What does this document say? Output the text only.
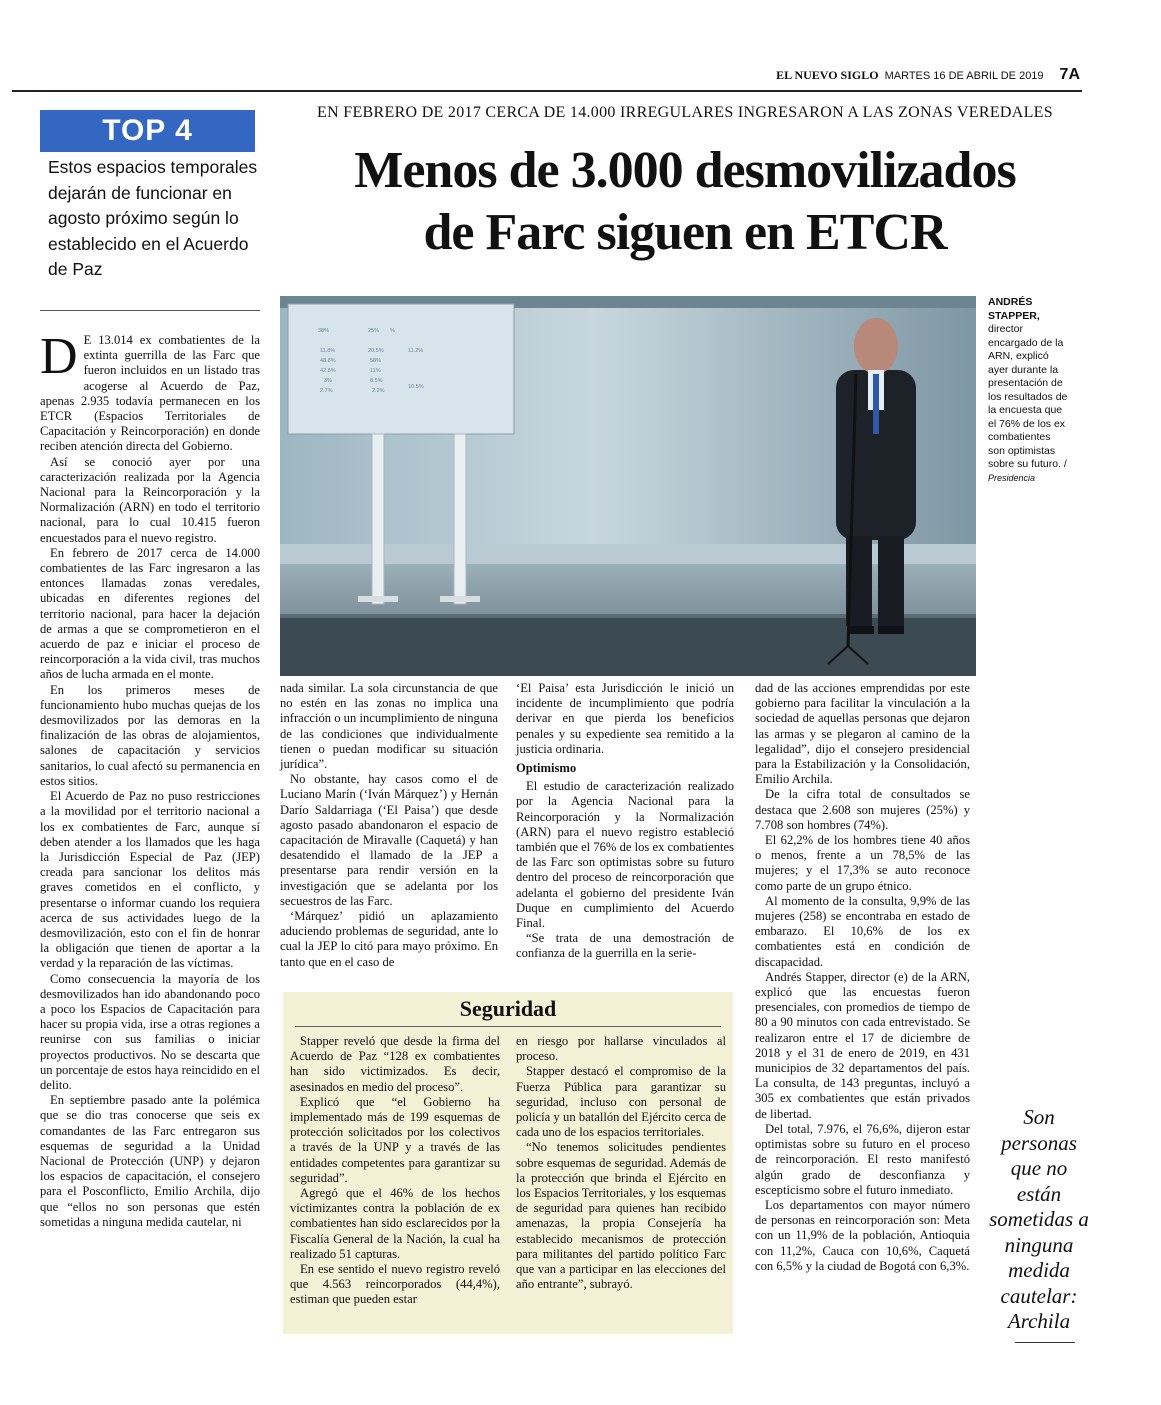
EL NUEVO SIGLO MARTES 16 DE ABRIL DE 2019 7A
TOP 4
Estos espacios temporales dejarán de funcionar en agosto próximo según lo establecido en el Acuerdo de Paz
EN FEBRERO DE 2017 CERCA DE 14.000 IRREGULARES INGRESARON A LAS ZONAS VEREDALES
Menos de 3.000 desmovilizados
de Farc siguen en ETCR
38%	25% %
11.8%	20.5%	11.2%
48.8%	58%
42.8%	11%
3%	8.5%
2.7%	2.2%
10.5%
ANDRÉS STAPPER, director encargado de la ARN, explicó ayer durante la presentación de los resultados de la encuesta que el 76% de los ex combatientes son optimistas sobre su futuro. / Presidencia

D E 13.014 ex combatientes de la extinta guerrilla de las Farc que fueron incluidos en un listado tras acogerse al Acuerdo de Paz, apenas 2.935 todavía permanecen en los ETCR (Espacios Territoriales de Capacitación y Reincorporación) en donde reciben atención directa del Gobierno.

Así se conoció ayer por una caracterización realizada por la Agencia Nacional para la Reincorporación y la Normalización (ARN) en todo el territorio nacional, para lo cual 10.415 fueron encuestados para el nuevo registro.

En febrero de 2017 cerca de 14.000 combatientes de las Farc ingresaron a las entonces llamadas zonas veredales, ubicadas en diferentes regiones del territorio nacional, para hacer la dejación de armas a que se comprometieron en el acuerdo de paz e iniciar el proceso de reincorporación a la vida civil, tras muchos años de lucha armada en el monte.

En los primeros meses de funcionamiento hubo muchas quejas de los desmovilizados por las demoras en la finalización de las obras de alojamientos, salones de capacitación y servicios sanitarios, lo cual afectó su permanencia en estos sitios.

El Acuerdo de Paz no puso restricciones a la movilidad por el territorio nacional a los ex combatientes de Farc, aunque sí deben atender a los llamados que les haga la Jurisdicción Especial de Paz (JEP) creada para sancionar los delitos más graves cometidos en el conflicto, y presentarse o informar cuando los requiera acerca de sus actividades luego de la desmovilización, esto con el fin de honrar la obligación que tienen de aportar a la verdad y la reparación de las víctimas.

Como consecuencia la mayoría de los desmovilizados han ido abandonando poco a poco los Espacios de Capacitación para hacer su propia vida, irse a otras regiones a reunirse con sus familias o iniciar proyectos productivos. No se descarta que un porcentaje de estos haya reincidido en el delito.

En septiembre pasado ante la polémica que se dio tras conocerse que seis ex comandantes de las Farc entregaron sus esquemas de seguridad a la Unidad Nacional de Protección (UNP) y dejaron los espacios de capacitación, el consejero para el Posconflicto, Emilio Archila, dijo que “ellos no son personas que estén sometidas a ninguna medida cautelar, ni

nada similar. La sola circunstancia de que no estén en las zonas no implica una infracción o un incumplimiento de ninguna de las condiciones que individualmente tienen o puedan modificar su situación jurídica”.

No obstante, hay casos como el de Luciano Marín (‘Iván Márquez’) y Hernán Darío Saldarriaga (‘El Paisa’) que desde agosto pasado abandonaron el espacio de capacitación de Miravalle (Caquetá) y han desatendido el llamado de la JEP a presentarse para rendir versión en la investigación que se adelanta por los secuestros de las Farc.

‘Márquez’ pidió un aplazamiento aduciendo problemas de seguridad, ante lo cual la JEP lo citó para mayo próximo. En tanto que en el caso de

‘El Paisa’ esta Jurisdicción le inició un incidente de incumplimiento que podría derivar en que pierda los beneficios penales y su expediente sea remitido a la justicia ordinaria.

Optimismo

El estudio de caracterización realizado por la Agencia Nacional para la Reincorporación y la Normalización (ARN) para el nuevo registro estableció también que el 76% de los ex combatientes de las Farc son optimistas sobre su futuro dentro del proceso de reincorporación que adelanta el gobierno del presidente Iván Duque en cumplimiento del Acuerdo Final.

“Se trata de una demostración de confianza de la guerrilla en la serie-

dad de las acciones emprendidas por este gobierno para facilitar la vinculación a la sociedad de aquellas personas que dejaron las armas y se plegaron al camino de la legalidad”, dijo el consejero presidencial para la Estabilización y la Consolidación, Emilio Archila.

De la cifra total de consultados se destaca que 2.608 son mujeres (25%) y 7.708 son hombres (74%).

El 62,2% de los hombres tiene 40 años o menos, frente a un 78,5% de las mujeres; y el 17,3% se auto reconoce como parte de un grupo étnico.

Al momento de la consulta, 9,9% de las mujeres (258) se encontraba en estado de embarazo. El 10,6% de los ex combatientes está en condición de discapacidad.

Andrés Stapper, director (e) de la ARN, explicó que las encuestas fueron presenciales, con promedios de tiempo de 80 a 90 minutos con cada entrevistado. Se realizaron entre el 17 de diciembre de 2018 y el 31 de enero de 2019, en 431 municipios de 32 departamentos del país. La consulta, de 143 preguntas, incluyó a 305 ex combatientes que están privados de libertad.

Del total, 7.976, el 76,6%, dijeron estar optimistas sobre su futuro en el proceso de reincorporación. El resto manifestó algún grado de desconfianza y escepticismo sobre el futuro inmediato.

Los departamentos con mayor número de personas en reincorporación son: Meta con un 11,9% de la población, Antioquia con 11,2%, Cauca con 10,6%, Caquetá con 6,5% y la ciudad de Bogotá con 6,3%.

Seguridad

Stapper reveló que desde la firma del Acuerdo de Paz “128 ex combatientes han sido victimizados. Es decir, asesinados en medio del proceso”.

Explicó que “el Gobierno ha implementado más de 199 esquemas de protección solicitados por los colectivos a través de la UNP y a través de las entidades competentes para garantizar su seguridad”.

Agregó que el 46% de los hechos victimizantes contra la población de ex combatientes han sido esclarecidos por la Fiscalía General de la Nación, la cual ha realizado 51 capturas.

En ese sentido el nuevo registro reveló que 4.563 reincorporados (44,4%), estiman que pueden estar

en riesgo por hallarse vinculados al proceso.

Stapper destacó el compromiso de la Fuerza Pública para garantizar su seguridad, incluso con personal de policía y un batallón del Ejército cerca de cada uno de los espacios territoriales.

“No tenemos solicitudes pendientes sobre esquemas de seguridad. Además de la protección que brinda el Ejército en los Espacios Territoriales, y los esquemas de seguridad para quienes han recibido amenazas, la propia Consejería ha establecido mecanismos de protección para militantes del partido político Farc que van a participar en las elecciones del año entrante”, subrayó.

Son personas que no están sometidas a ninguna medida cautelar: Archila
